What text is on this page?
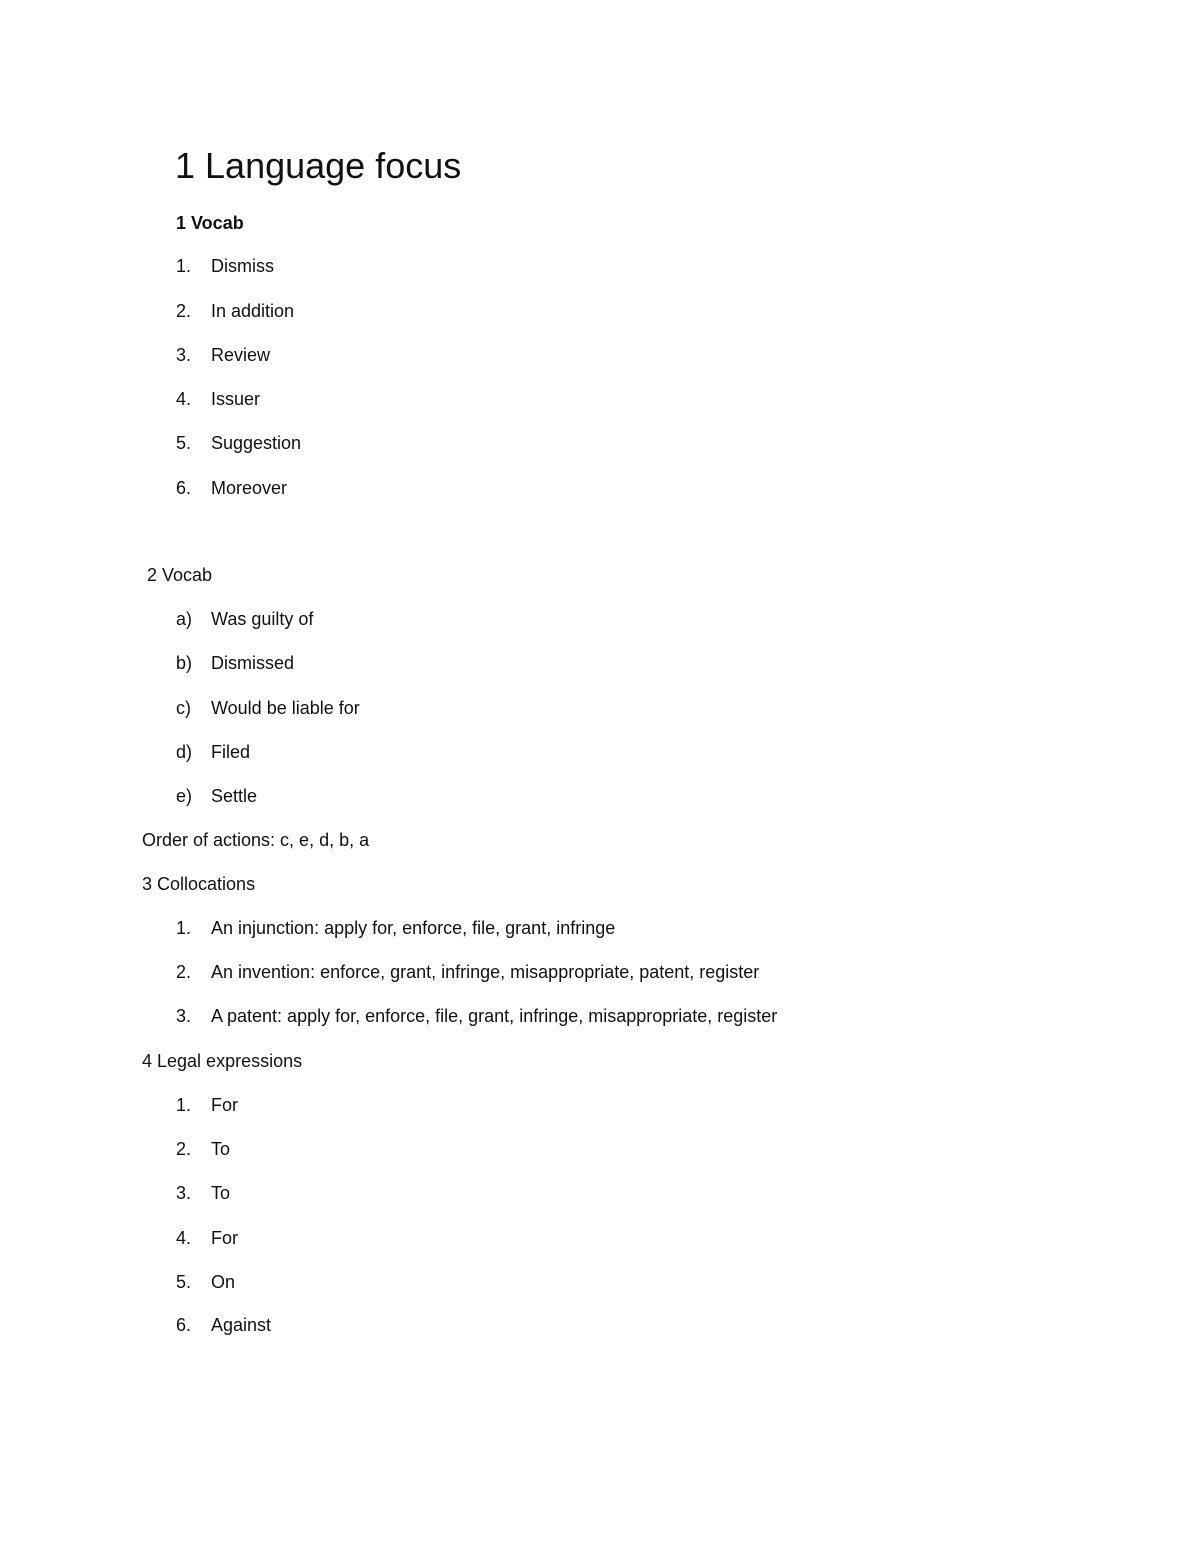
1 Language focus
1 Vocab
1. Dismiss
2. In addition
3. Review
4. Issuer
5. Suggestion
6. Moreover
2 Vocab
a) Was guilty of
b) Dismissed
c) Would be liable for
d) Filed
e) Settle
Order of actions: c, e, d, b, a
3 Collocations
1. An injunction: apply for, enforce, file, grant, infringe
2. An invention: enforce, grant, infringe, misappropriate, patent, register
3. A patent: apply for, enforce, file, grant, infringe, misappropriate, register
4 Legal expressions
1. For
2. To
3. To
4. For
5. On
6. Against
